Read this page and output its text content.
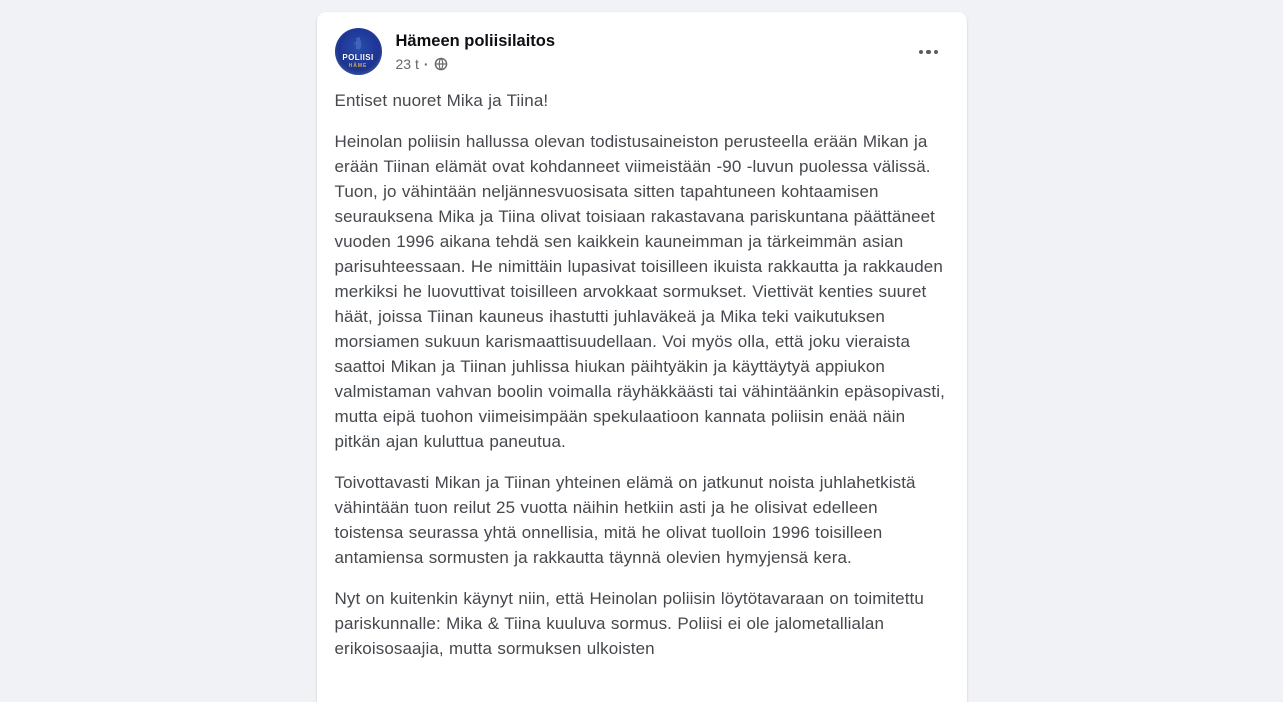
POLIISI
HÄME
Hämeen poliisilaitos
23 t ·

Entiset nuoret Mika ja Tiina!

Heinolan poliisin hallussa olevan todistusaineiston perusteella erään Mikan ja erään Tiinan elämät ovat kohdanneet viimeistään -90 -luvun puolessa välissä. Tuon, jo vähintään neljännesvuosisata sitten tapahtuneen kohtaamisen seurauksena Mika ja Tiina olivat toisiaan rakastavana pariskuntana päättäneet vuoden 1996 aikana tehdä sen kaikkein kauneimman ja tärkeimmän asian parisuhteessaan. He nimittäin lupasivat toisilleen ikuista rakkautta ja rakkauden merkiksi he luovuttivat toisilleen arvokkaat sormukset. Viettivät kenties suuret häät, joissa Tiinan kauneus ihastutti juhlaväkeä ja Mika teki vaikutuksen morsiamen sukuun karismaattisuudellaan. Voi myös olla, että joku vieraista saattoi Mikan ja Tiinan juhlissa hiukan päihtyäkin ja käyttäytyä appiukon valmistaman vahvan boolin voimalla räyhäkkäästi tai vähintäänkin epäsopivasti, mutta eipä tuohon viimeisimpään spekulaatioon kannata poliisin enää näin pitkän ajan kuluttua paneutua.

Toivottavasti Mikan ja Tiinan yhteinen elämä on jatkunut noista juhlahetkistä vähintään tuon reilut 25 vuotta näihin hetkiin asti ja he olisivat edelleen toistensa seurassa yhtä onnellisia, mitä he olivat tuolloin 1996 toisilleen antamiensa sormusten ja rakkautta täynnä olevien hymyjensä kera.

Nyt on kuitenkin käynyt niin, että Heinolan poliisin löytötavaraan on toimitettu pariskunnalle: Mika & Tiina kuuluva sormus. Poliisi ei ole jalometallialan erikoisosaajia, mutta sormuksen ulkoisten
